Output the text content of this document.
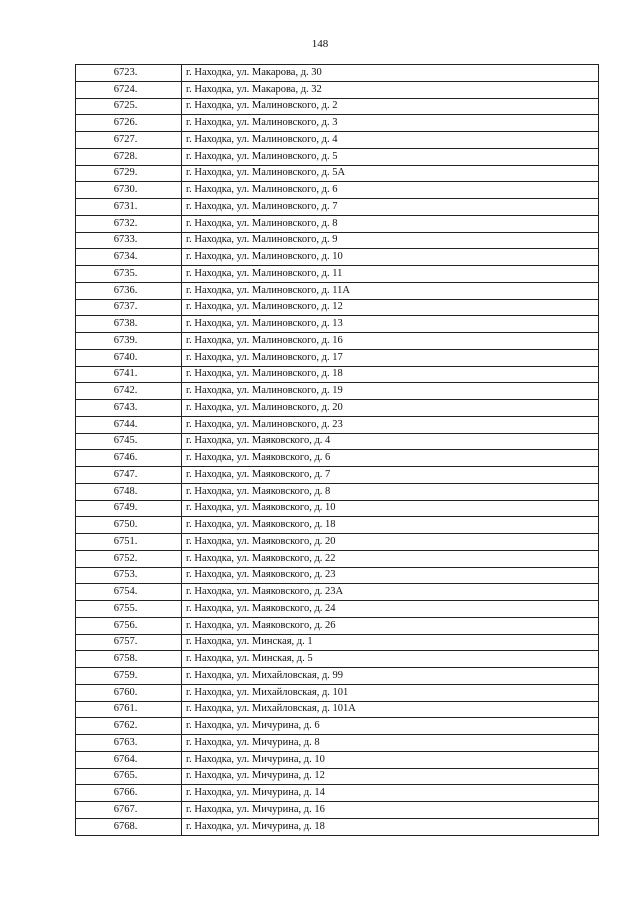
148
6723.	г. Находка, ул. Макарова, д. 30
6724.	г. Находка, ул. Макарова, д. 32
6725.	г. Находка, ул. Малиновского, д. 2
6726.	г. Находка, ул. Малиновского, д. 3
6727.	г. Находка, ул. Малиновского, д. 4
6728.	г. Находка, ул. Малиновского, д. 5
6729.	г. Находка, ул. Малиновского, д. 5А
6730.	г. Находка, ул. Малиновского, д. 6
6731.	г. Находка, ул. Малиновского, д. 7
6732.	г. Находка, ул. Малиновского, д. 8
6733.	г. Находка, ул. Малиновского, д. 9
6734.	г. Находка, ул. Малиновского, д. 10
6735.	г. Находка, ул. Малиновского, д. 11
6736.	г. Находка, ул. Малиновского, д. 11А
6737.	г. Находка, ул. Малиновского, д. 12
6738.	г. Находка, ул. Малиновского, д. 13
6739.	г. Находка, ул. Малиновского, д. 16
6740.	г. Находка, ул. Малиновского, д. 17
6741.	г. Находка, ул. Малиновского, д. 18
6742.	г. Находка, ул. Малиновского, д. 19
6743.	г. Находка, ул. Малиновского, д. 20
6744.	г. Находка, ул. Малиновского, д. 23
6745.	г. Находка, ул. Маяковского, д. 4
6746.	г. Находка, ул. Маяковского, д. 6
6747.	г. Находка, ул. Маяковского, д. 7
6748.	г. Находка, ул. Маяковского, д. 8
6749.	г. Находка, ул. Маяковского, д. 10
6750.	г. Находка, ул. Маяковского, д. 18
6751.	г. Находка, ул. Маяковского, д. 20
6752.	г. Находка, ул. Маяковского, д. 22
6753.	г. Находка, ул. Маяковского, д. 23
6754.	г. Находка, ул. Маяковского, д. 23А
6755.	г. Находка, ул. Маяковского, д. 24
6756.	г. Находка, ул. Маяковского, д. 26
6757.	г. Находка, ул. Минская, д. 1
6758.	г. Находка, ул. Минская, д. 5
6759.	г. Находка, ул. Михайловская, д. 99
6760.	г. Находка, ул. Михайловская, д. 101
6761.	г. Находка, ул. Михайловская, д. 101А
6762.	г. Находка, ул. Мичурина, д. 6
6763.	г. Находка, ул. Мичурина, д. 8
6764.	г. Находка, ул. Мичурина, д. 10
6765.	г. Находка, ул. Мичурина, д. 12
6766.	г. Находка, ул. Мичурина, д. 14
6767.	г. Находка, ул. Мичурина, д. 16
6768.	г. Находка, ул. Мичурина, д. 18
